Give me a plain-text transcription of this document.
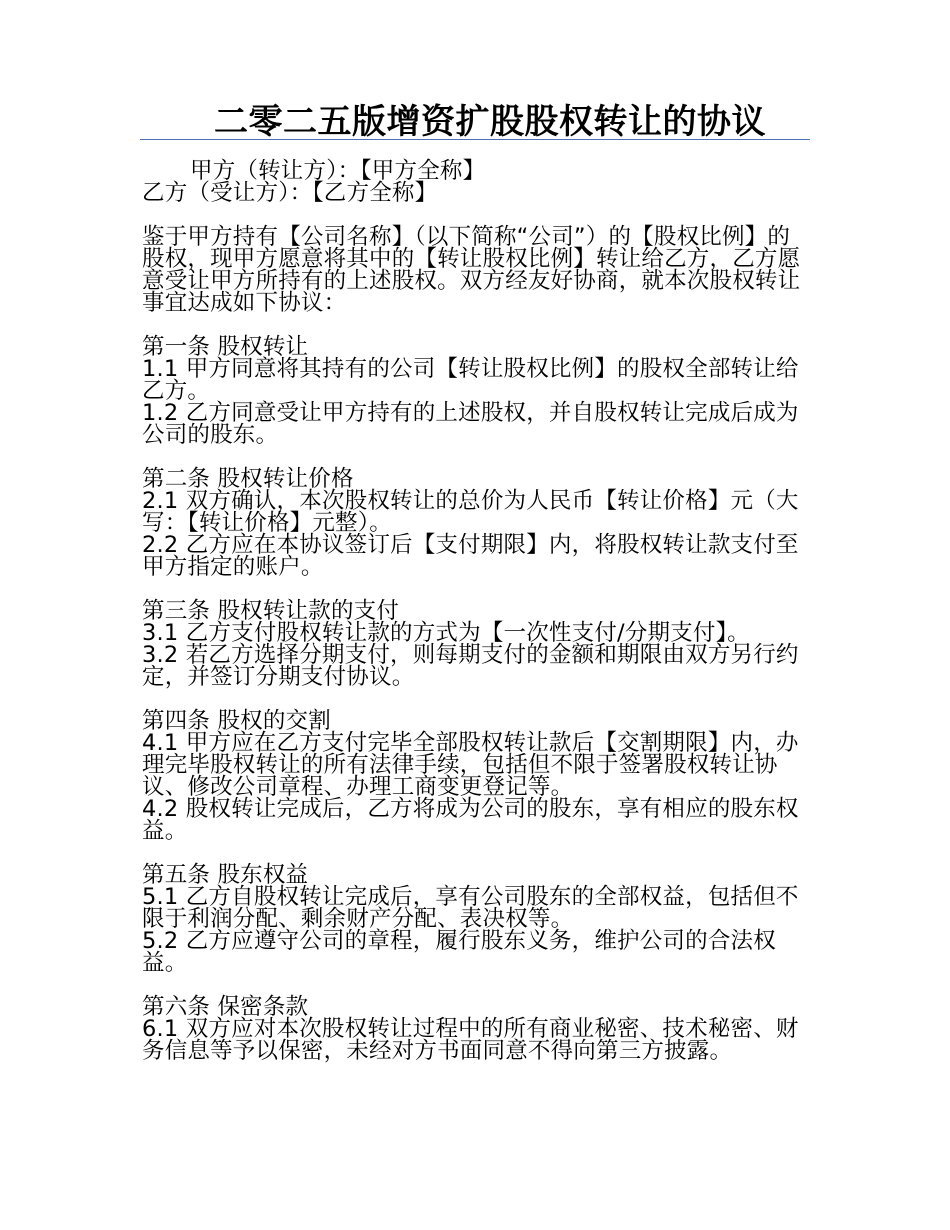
二零二五版增资扩股股权转让的协议
甲方（转让方）：【甲方全称】
乙方（受让方）：【乙方全称】

鉴于甲方持有【公司名称】（以下简称“公司”）的【股权比例】的股权，现甲方愿意将其中的【转让股权比例】转让给乙方，乙方愿意受让甲方所持有的上述股权。双方经友好协商，就本次股权转让事宜达成如下协议：

第一条 股权转让

1.1 甲方同意将其持有的公司【转让股权比例】的股权全部转让给乙方。

1.2 乙方同意受让甲方持有的上述股权，并自股权转让完成后成为公司的股东。

第二条 股权转让价格

2.1 双方确认，本次股权转让的总价为人民币【转让价格】元（大写：【转让价格】元整）。

2.2 乙方应在本协议签订后【支付期限】内，将股权转让款支付至甲方指定的账户。

第三条 股权转让款的支付

3.1 乙方支付股权转让款的方式为【一次性支付/分期支付】。

3.2 若乙方选择分期支付，则每期支付的金额和期限由双方另行约定，并签订分期支付协议。

第四条 股权的交割

4.1 甲方应在乙方支付完毕全部股权转让款后【交割期限】内，办理完毕股权转让的所有法律手续，包括但不限于签署股权转让协议、修改公司章程、办理工商变更登记等。

4.2 股权转让完成后，乙方将成为公司的股东，享有相应的股东权益。

第五条 股东权益

5.1 乙方自股权转让完成后，享有公司股东的全部权益，包括但不限于利润分配、剩余财产分配、表决权等。

5.2 乙方应遵守公司的章程，履行股东义务，维护公司的合法权益。

第六条 保密条款

6.1 双方应对本次股权转让过程中的所有商业秘密、技术秘密、财务信息等予以保密，未经对方书面同意不得向第三方披露。
